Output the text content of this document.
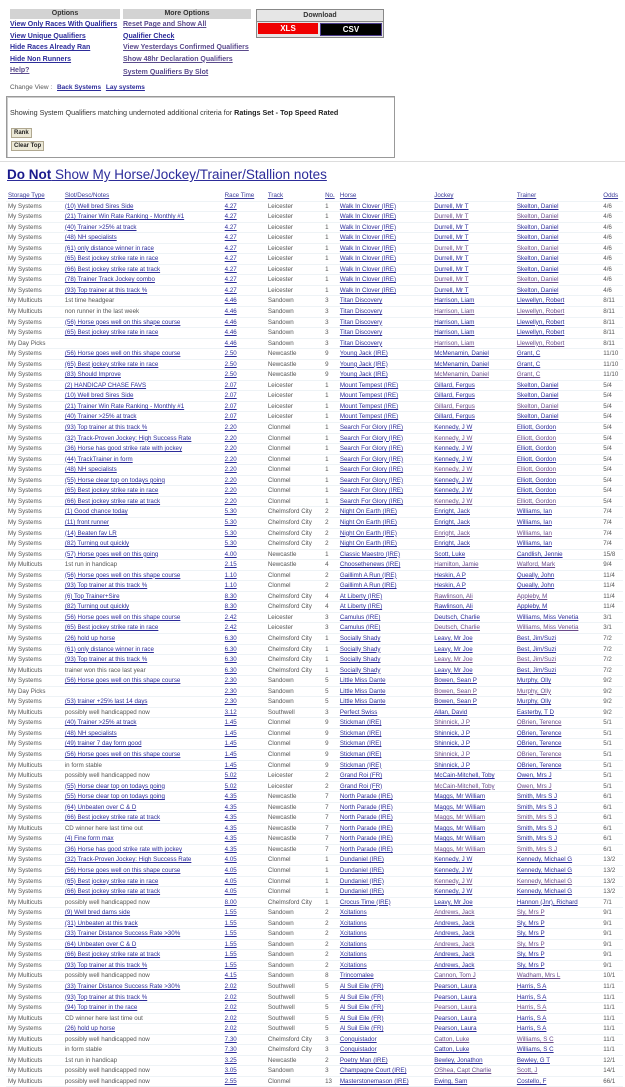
Options
View Only Races With Qualifiers
View Unique Qualifiers
Hide Races Already Ran
Hide Non Runners
Help?
More Options
Reset Page and Show All
Qualifier Check
View Yesterdays Confirmed Qualifiers
Show 48hr Declaration Qualifiers
System Qualifiers By Slot
Download
XLS	CSV
Change View : Back Systems Lay systems
Showing System Qualifiers matching undernoted additional criteria for Ratings Set - Top Speed Rated
Rank
Clear Top
Do Not Show My Horse/Jockey/Trainer/Stallion notes
Storage Type	Slot/Desc/Notes	Race Time	Track	No.	Horse	Jockey	Trainer	Odds
My Systems	(10) Well bred Sires Side	4.27	Leicester	1	Walk In Clover (IRE)	Durrell, Mr T	Skelton, Daniel	4/6
My Systems	(21) Trainer Win Rate Ranking - Monthly #1	4.27	Leicester	1	Walk In Clover (IRE)	Durrell, Mr T	Skelton, Daniel	4/6
My Systems	(40) Trainer >25% at track	4.27	Leicester	1	Walk In Clover (IRE)	Durrell, Mr T	Skelton, Daniel	4/6
My Systems	(48) NH specialists	4.27	Leicester	1	Walk In Clover (IRE)	Durrell, Mr T	Skelton, Daniel	4/6
My Systems	(61) only distance winner in race	4.27	Leicester	1	Walk In Clover (IRE)	Durrell, Mr T	Skelton, Daniel	4/6
My Systems	(65) Best jockey strike rate in race	4.27	Leicester	1	Walk In Clover (IRE)	Durrell, Mr T	Skelton, Daniel	4/6
My Systems	(66) Best jockey strike rate at track	4.27	Leicester	1	Walk In Clover (IRE)	Durrell, Mr T	Skelton, Daniel	4/6
My Systems	(78) Trainer Track Jockey combo	4.27	Leicester	1	Walk In Clover (IRE)	Durrell, Mr T	Skelton, Daniel	4/6
My Systems	(93) Top trainer at this track %	4.27	Leicester	1	Walk In Clover (IRE)	Durrell, Mr T	Skelton, Daniel	4/6
My Multicuts	1st time headgear	4.46	Sandown	3	Titan Discovery	Harrison, Liam	Llewellyn, Robert	8/11
My Multicuts	non runner in the last week	4.46	Sandown	3	Titan Discovery	Harrison, Liam	Llewellyn, Robert	8/11
My Systems	(56) Horse goes well on this shape course	4.46	Sandown	3	Titan Discovery	Harrison, Liam	Llewellyn, Robert	8/11
My Systems	(65) Best jockey strike rate in race	4.46	Sandown	3	Titan Discovery	Harrison, Liam	Llewellyn, Robert	8/11
My Day Picks		4.46	Sandown	3	Titan Discovery	Harrison, Liam	Llewellyn, Robert	8/11
My Systems	(56) Horse goes well on this shape course	2.50	Newcastle	9	Young Jack (IRE)	McMenamin, Daniel	Grant, C	11/10
My Systems	(65) Best jockey strike rate in race	2.50	Newcastle	9	Young Jack (IRE)	McMenamin, Daniel	Grant, C	11/10
My Systems	(83) Should Improve	2.50	Newcastle	9	Young Jack (IRE)	McMenamin, Daniel	Grant, C	11/10
My Systems	(2) HANDICAP CHASE FAVS	2.07	Leicester	1	Mount Tempest (IRE)	Gillard, Fergus	Skelton, Daniel	5/4
My Systems	(10) Well bred Sires Side	2.07	Leicester	1	Mount Tempest (IRE)	Gillard, Fergus	Skelton, Daniel	5/4
My Systems	(21) Trainer Win Rate Ranking - Monthly #1	2.07	Leicester	1	Mount Tempest (IRE)	Gillard, Fergus	Skelton, Daniel	5/4
My Systems	(40) Trainer >25% at track	2.07	Leicester	1	Mount Tempest (IRE)	Gillard, Fergus	Skelton, Daniel	5/4
My Systems	(93) Top trainer at this track %	2.20	Clonmel	1	Search For Glory (IRE)	Kennedy, J W	Elliott, Gordon	5/4
My Systems	(32) Track-Proven Jockey: High Success Rate	2.20	Clonmel	1	Search For Glory (IRE)	Kennedy, J W	Elliott, Gordon	5/4
My Systems	(36) Horse has good strike rate with jockey	2.20	Clonmel	1	Search For Glory (IRE)	Kennedy, J W	Elliott, Gordon	5/4
My Systems	(44) TrackTrainer in form	2.20	Clonmel	1	Search For Glory (IRE)	Kennedy, J W	Elliott, Gordon	5/4
My Systems	(48) NH specialists	2.20	Clonmel	1	Search For Glory (IRE)	Kennedy, J W	Elliott, Gordon	5/4
My Systems	(55) Horse clear top on todays going	2.20	Clonmel	1	Search For Glory (IRE)	Kennedy, J W	Elliott, Gordon	5/4
My Systems	(65) Best jockey strike rate in race	2.20	Clonmel	1	Search For Glory (IRE)	Kennedy, J W	Elliott, Gordon	5/4
My Systems	(66) Best jockey strike rate at track	2.20	Clonmel	1	Search For Glory (IRE)	Kennedy, J W	Elliott, Gordon	5/4
My Systems	(1) Good chance today	5.30	Chelmsford City	2	Night On Earth (IRE)	Enright, Jack	Williams, Ian	7/4
My Systems	(11) front runner	5.30	Chelmsford City	2	Night On Earth (IRE)	Enright, Jack	Williams, Ian	7/4
My Systems	(14) Beaten fav LR	5.30	Chelmsford City	2	Night On Earth (IRE)	Enright, Jack	Williams, Ian	7/4
My Systems	(82) Turning out quickly	5.30	Chelmsford City	2	Night On Earth (IRE)	Enright, Jack	Williams, Ian	7/4
My Systems	(57) Horse goes well on this going	4.00	Newcastle	1	Classic Maestro (IRE)	Scott, Luke	Candlish, Jennie	15/8
My Multicuts	1st run in handicap	2.15	Newcastle	4	Choosethenews (IRE)	Hamilton, Jamie	Walford, Mark	9/4
My Systems	(56) Horse goes well on this shape course	1.10	Clonmel	2	Gaillimh A Run (IRE)	Heskin, A P	Queally, John	11/4
My Systems	(93) Top trainer at this track %	1.10	Clonmel	2	Gaillimh A Run (IRE)	Heskin, A P	Queally, John	11/4
My Systems	(6) Top Trainer+Sire	8.30	Chelmsford City	4	At Liberty (IRE)	Rawlinson, Ali	Appleby, M	11/4
My Systems	(82) Turning out quickly	8.30	Chelmsford City	4	At Liberty (IRE)	Rawlinson, Ali	Appleby, M	11/4
My Systems	(56) Horse goes well on this shape course	2.42	Leicester	3	Camulus (IRE)	Deutsch, Charlie	Williams, Miss Venetia	3/1
My Systems	(65) Best jockey strike rate in race	2.42	Leicester	3	Camulus (IRE)	Deutsch, Charlie	Williams, Miss Venetia	3/1
My Systems	(26) hold up horse	6.30	Chelmsford City	1	Socially Shady	Leavy, Mr Joe	Best, Jim/Suzi	7/2
My Systems	(61) only distance winner in race	6.30	Chelmsford City	1	Socially Shady	Leavy, Mr Joe	Best, Jim/Suzi	7/2
My Systems	(93) Top trainer at this track %	6.30	Chelmsford City	1	Socially Shady	Leavy, Mr Joe	Best, Jim/Suzi	7/2
My Multicuts	trainer won this race last year	6.30	Chelmsford City	1	Socially Shady	Leavy, Mr Joe	Best, Jim/Suzi	7/2
My Systems	(56) Horse goes well on this shape course	2.30	Sandown	5	Little Miss Dante	Bowen, Sean P	Murphy, Olly	9/2
My Day Picks		2.30	Sandown	5	Little Miss Dante	Bowen, Sean P	Murphy, Olly	9/2
My Systems	(53) trainer +25% last 14 days	2.30	Sandown	5	Little Miss Dante	Bowen, Sean P	Murphy, Olly	9/2
My Multicuts	possibly well handicapped now	3.12	Southwell	3	Perfect Swiss	Allan, David	Easterby, T D	9/2
My Systems	(40) Trainer >25% at track	1.45	Clonmel	9	Stickman (IRE)	Shinnick, J P	OBrien, Terence	5/1
My Systems	(48) NH specialists	1.45	Clonmel	9	Stickman (IRE)	Shinnick, J P	OBrien, Terence	5/1
My Systems	(49) trainer 7 day form good	1.45	Clonmel	9	Stickman (IRE)	Shinnick, J P	OBrien, Terence	5/1
My Systems	(56) Horse goes well on this shape course	1.45	Clonmel	9	Stickman (IRE)	Shinnick, J P	OBrien, Terence	5/1
My Multicuts	in form stable	1.45	Clonmel	9	Stickman (IRE)	Shinnick, J P	OBrien, Terence	5/1
My Multicuts	possibly well handicapped now	5.02	Leicester	2	Grand Roi (FR)	McCain-Mitchell, Toby	Owen, Mrs J	5/1
My Systems	(55) Horse clear top on todays going	5.02	Leicester	2	Grand Roi (FR)	McCain-Mitchell, Toby	Owen, Mrs J	5/1
My Systems	(55) Horse clear top on todays going	4.35	Newcastle	7	North Parade (IRE)	Maggs, Mr William	Smith, Mrs S J	6/1
My Systems	(64) Unbeaten over C & D	4.35	Newcastle	7	North Parade (IRE)	Maggs, Mr William	Smith, Mrs S J	6/1
My Systems	(66) Best jockey strike rate at track	4.35	Newcastle	7	North Parade (IRE)	Maggs, Mr William	Smith, Mrs S J	6/1
My Multicuts	CD winner here last time out	4.35	Newcastle	7	North Parade (IRE)	Maggs, Mr William	Smith, Mrs S J	6/1
My Systems	(4) Fine form max	4.35	Newcastle	7	North Parade (IRE)	Maggs, Mr William	Smith, Mrs S J	6/1
My Systems	(36) Horse has good strike rate with jockey	4.35	Newcastle	7	North Parade (IRE)	Maggs, Mr William	Smith, Mrs S J	6/1
My Systems	(32) Track-Proven Jockey: High Success Rate	4.05	Clonmel	1	Dundaniel (IRE)	Kennedy, J W	Kennedy, Michael G	13/2
My Systems	(56) Horse goes well on this shape course	4.05	Clonmel	1	Dundaniel (IRE)	Kennedy, J W	Kennedy, Michael G	13/2
My Systems	(65) Best jockey strike rate in race	4.05	Clonmel	1	Dundaniel (IRE)	Kennedy, J W	Kennedy, Michael G	13/2
My Systems	(66) Best jockey strike rate at track	4.05	Clonmel	1	Dundaniel (IRE)	Kennedy, J W	Kennedy, Michael G	13/2
My Multicuts	possibly well handicapped now	8.00	Chelmsford City	1	Crocus Time (IRE)	Leavy, Mr Joe	Hannon (Jnr), Richard	7/1
My Systems	(9) Well bred dams side	1.55	Sandown	2	Xcitations	Andrews, Jack	Sly, Mrs P	9/1
My Systems	(31) Unbeaten at this track	1.55	Sandown	2	Xcitations	Andrews, Jack	Sly, Mrs P	9/1
My Systems	(33) Trainer Distance Success Rate >30%	1.55	Sandown	2	Xcitations	Andrews, Jack	Sly, Mrs P	9/1
My Systems	(64) Unbeaten over C & D	1.55	Sandown	2	Xcitations	Andrews, Jack	Sly, Mrs P	9/1
My Systems	(66) Best jockey strike rate at track	1.55	Sandown	2	Xcitations	Andrews, Jack	Sly, Mrs P	9/1
My Systems	(93) Top trainer at this track %	1.55	Sandown	2	Xcitations	Andrews, Jack	Sly, Mrs P	9/1
My Multicuts	possibly well handicapped now	4.15	Sandown	8	Trincomalee	Cannon, Tom J	Wadham, Mrs L	10/1
My Systems	(33) Trainer Distance Success Rate >30%	2.02	Southwell	5	Al Suil Eile (FR)	Pearson, Laura	Harris, S A	11/1
My Systems	(93) Top trainer at this track %	2.02	Southwell	5	Al Suil Eile (FR)	Pearson, Laura	Harris, S A	11/1
My Systems	(94) Top trainer in the race	2.02	Southwell	5	Al Suil Eile (FR)	Pearson, Laura	Harris, S A	11/1
My Multicuts	CD winner here last time out	2.02	Southwell	5	Al Suil Eile (FR)	Pearson, Laura	Harris, S A	11/1
My Systems	(26) hold up horse	2.02	Southwell	5	Al Suil Eile (FR)	Pearson, Laura	Harris, S A	11/1
My Multicuts	possibly well handicapped now	7.30	Chelmsford City	3	Conquistador	Catton, Luke	Williams, S C	11/1
My Multicuts	in form stable	7.30	Chelmsford City	3	Conquistador	Catton, Luke	Williams, S C	11/1
My Multicuts	1st run in handicap	3.25	Newcastle	2	Poetry Man (IRE)	Bewley, Jonathon	Bewley, G T	12/1
My Multicuts	possibly well handicapped now	3.05	Sandown	3	Champagne Court (IRE)	OShea, Capt Charlie	Scott, J	14/1
My Multicuts	possibly well handicapped now	2.55	Clonmel	13	Masterstonemason (IRE)	Ewing, Sam	Costello, F	66/1
